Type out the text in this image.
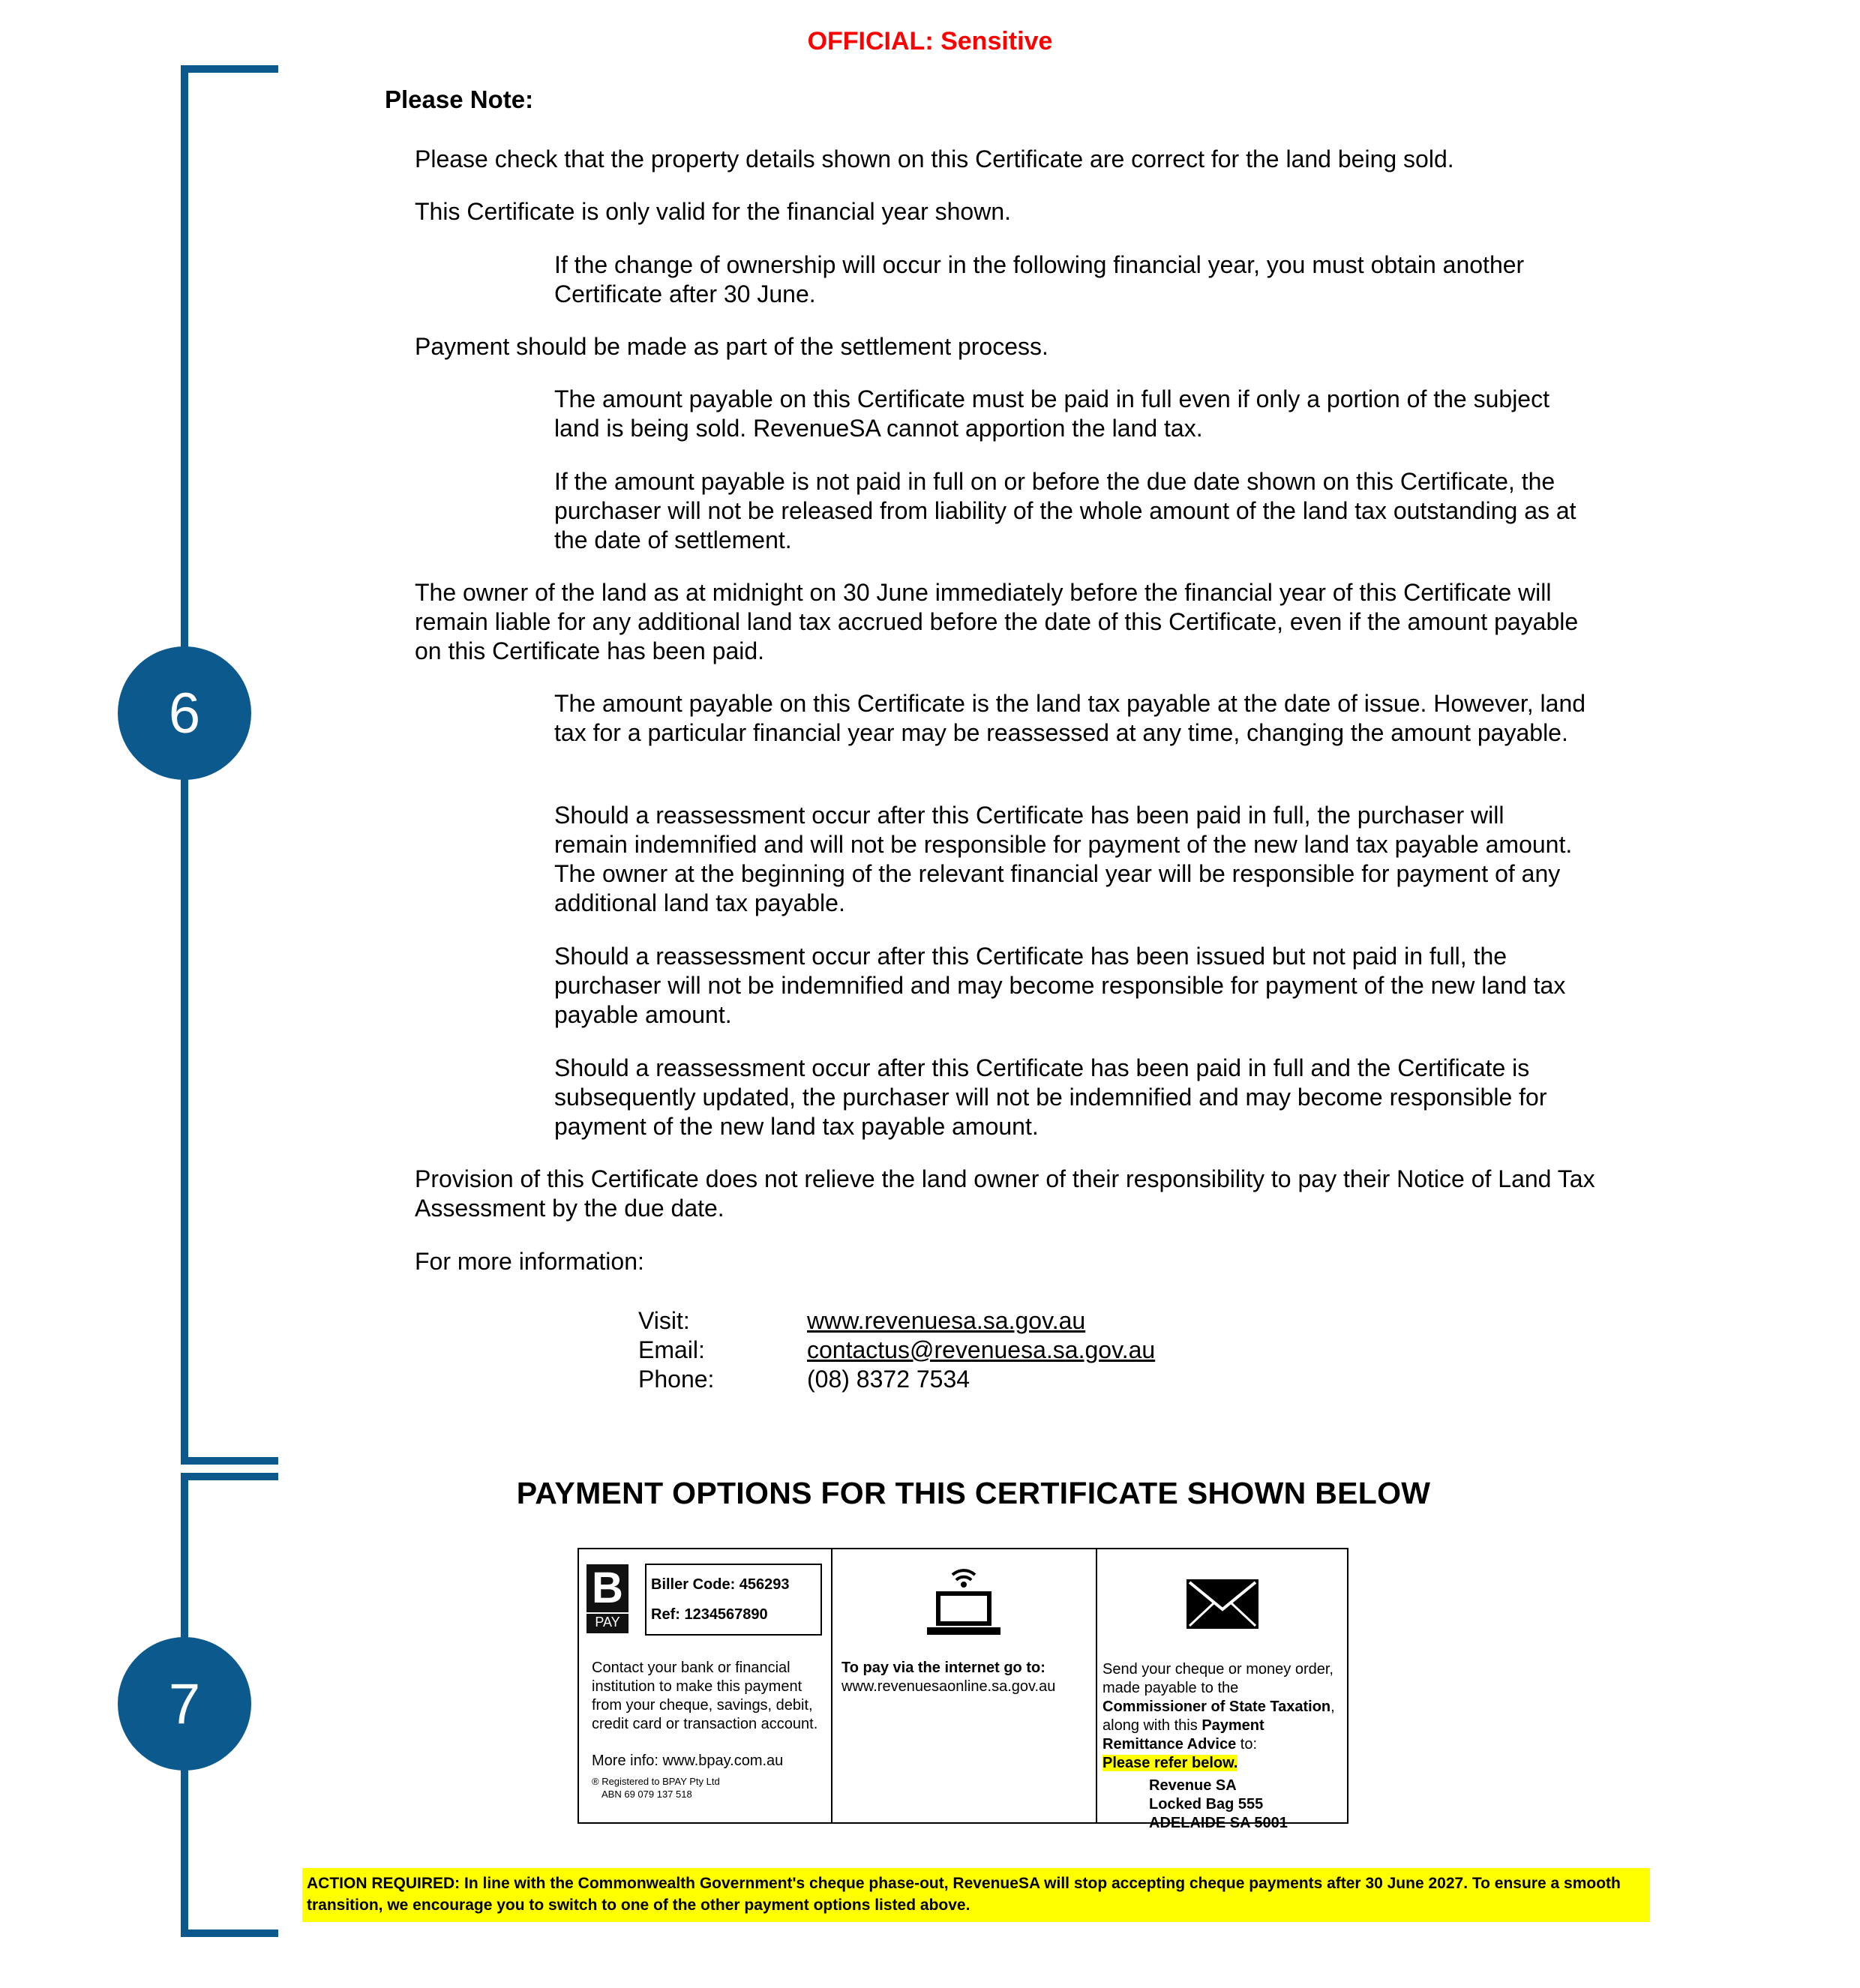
OFFICIAL: Sensitive
6
7
Please Note:
Please check that the property details shown on this Certificate are correct for the land being sold.
This Certificate is only valid for the financial year shown.
If the change of ownership will occur in the following financial year, you must obtain another Certificate after 30 June.
Payment should be made as part of the settlement process.
The amount payable on this Certificate must be paid in full even if only a portion of the subject land is being sold. RevenueSA cannot apportion the land tax.
If the amount payable is not paid in full on or before the due date shown on this Certificate, the purchaser will not be released from liability of the whole amount of the land tax outstanding as at the date of settlement.
The owner of the land as at midnight on 30 June immediately before the financial year of this Certificate will remain liable for any additional land tax accrued before the date of this Certificate, even if the amount payable on this Certificate has been paid.
The amount payable on this Certificate is the land tax payable at the date of issue. However, land tax for a particular financial year may be reassessed at any time, changing the amount payable.
Should a reassessment occur after this Certificate has been paid in full, the purchaser will remain indemnified and will not be responsible for payment of the new land tax payable amount. The owner at the beginning of the relevant financial year will be responsible for payment of any additional land tax payable.
Should a reassessment occur after this Certificate has been issued but not paid in full, the purchaser will not be indemnified and may become responsible for payment of the new land tax payable amount.
Should a reassessment occur after this Certificate has been paid in full and the Certificate is subsequently updated, the purchaser will not be indemnified and may become responsible for payment of the new land tax payable amount.
Provision of this Certificate does not relieve the land owner of their responsibility to pay their Notice of Land Tax Assessment by the due date.
For more information:
Visit:	www.revenuesa.sa.gov.au
Email:	contactus@revenuesa.sa.gov.au
Phone:	(08) 8372 7534
PAYMENT OPTIONS FOR THIS CERTIFICATE SHOWN BELOW
B
PAY
Biller Code: 456293
Ref: 1234567890
Contact your bank or financial institution to make this payment from your cheque, savings, debit, credit card or transaction account.
More info: www.bpay.com.au
® Registered to BPAY Pty Ltd
ABN 69 079 137 518
To pay via the internet go to:
www.revenuesaonline.sa.gov.au
Send your cheque or money order, made payable to the Commissioner of State Taxation, along with this Payment Remittance Advice to:
Please refer below.
Revenue SA
Locked Bag 555
ADELAIDE SA 5001
ACTION REQUIRED: In line with the Commonwealth Government's cheque phase-out, RevenueSA will stop accepting cheque payments after 30 June 2027. To ensure a smooth transition, we encourage you to switch to one of the other payment options listed above.
